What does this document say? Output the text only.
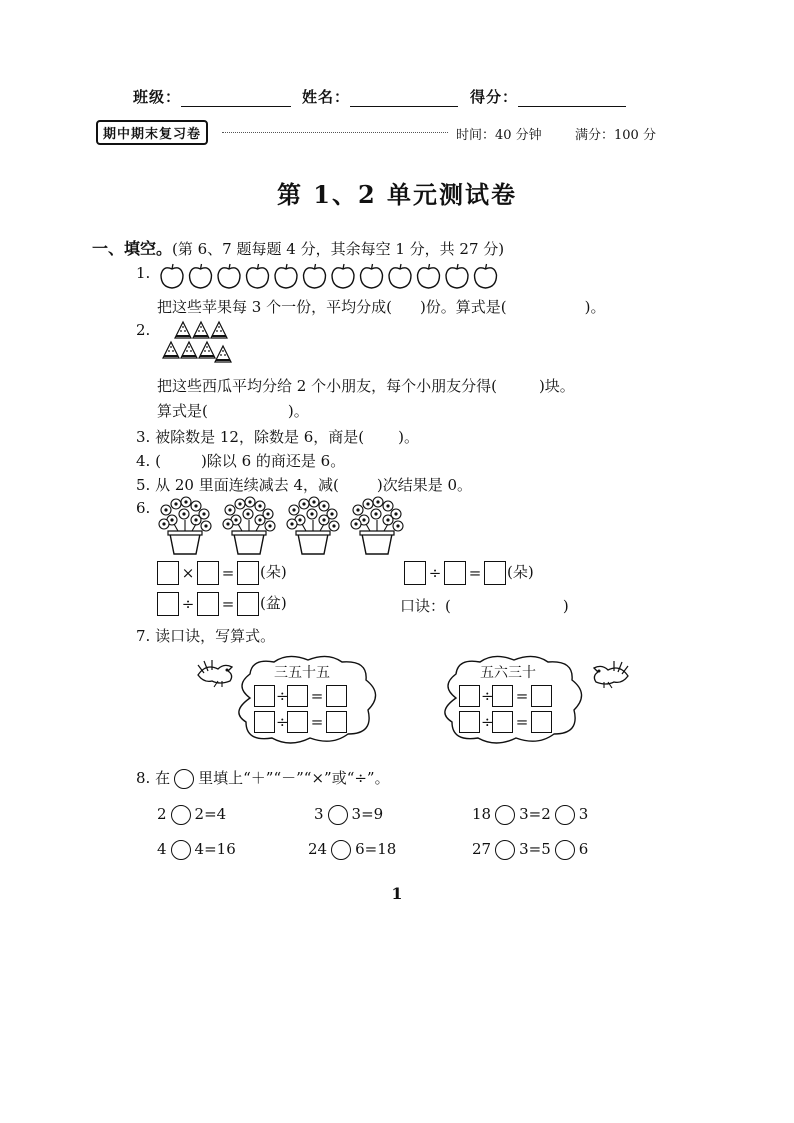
班级：	姓名：	得分：
期中期末复习卷	时间：40 分钟	满分：100 分
第 1、2 单元测试卷
一、填空。(第 6、7 题每题 4 分，其余每空 1 分，共 27 分)
1.
把这些苹果每 3 个一份，平均分成( )份。算式是(	)。
2.
把这些西瓜平均分给 2 个小朋友，每个小朋友分得(	)块。
算式是(	)。
3. 被除数是 12，除数是 6，商是( )。
4. (	)除以 6 的商还是 6。
5. 从 20 里面连续减去 4，减(	)次结果是 0。
6.
× = (朵)	÷ = (朵)
÷ = (盆)	口诀：(	)
7. 读口诀，写算式。
三五十五
÷ =
÷ =
五六三十
÷ =
÷ =
8. 在 里填上“＋”“－”“×”或“÷”。
2 2=4	3 3=9	18 3=2 3
4 4=16	24 6=18	27 3=5 6
1
